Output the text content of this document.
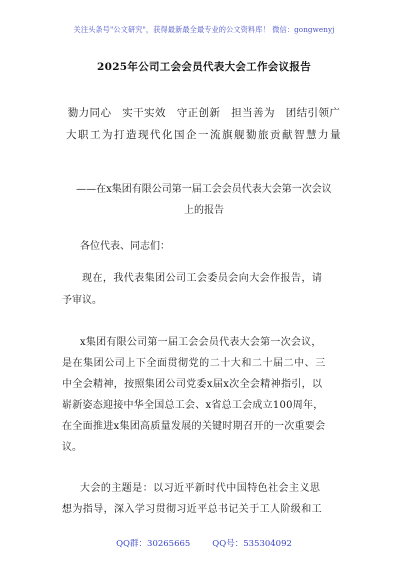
关注头条号"公文研究"，获得最新最全最专业的公文资料库！ 微信：gongwenyj
2025年公司工会会员代表大会工作会议报告
勠力同心　实干实效　守正创新　担当善为　团结引领广
大职工为打造现代化国企一流旗舰勠旅贡献智慧力量
——在x集团有限公司第一届工会会员代表大会第一次会议
上的报告
各位代表、同志们：
现在，我代表集团公司工会委员会向大会作报告，请
予审议。
x集团有限公司第一届工会会员代表大会第一次会议，
是在集团公司上下全面贯彻党的二十大和二十届二中、三
中全会精神，按照集团公司党委x届x次全会精神指引，以
崭新姿态迎接中华全国总工会、x省总工会成立100周年，
在全面推进x集团高质量发展的关键时期召开的一次重要会
议。
大会的主题是：以习近平新时代中国特色社会主义思
想为指导，深入学习贯彻习近平总书记关于工人阶级和工
QQ群：30265665	QQ号：535304092
